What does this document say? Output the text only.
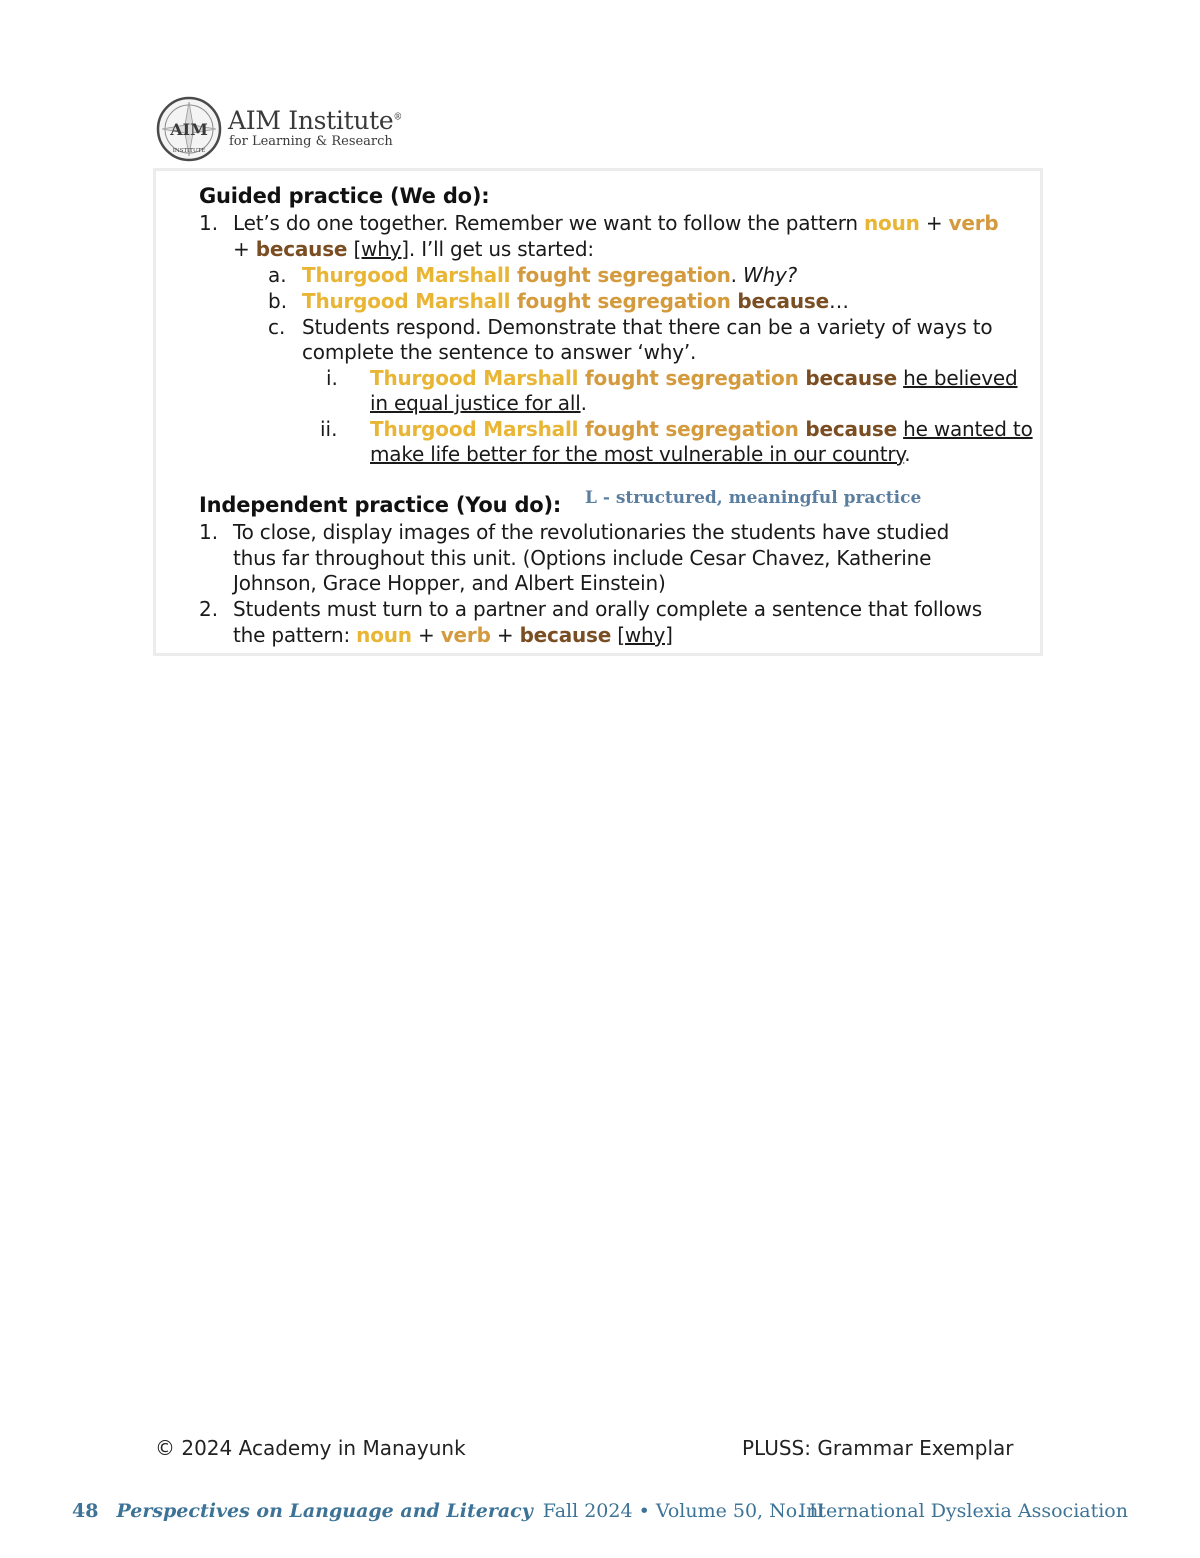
AIM
INSTITUTE
AIM Institute®
for Learning & Research
Guided practice (We do):
1. Let’s do one together. Remember we want to follow the pattern noun + verb
+ because [why]. I’ll get us started:
a. Thurgood Marshall fought segregation. Why?
b. Thurgood Marshall fought segregation because…
c. Students respond. Demonstrate that there can be a variety of ways to
complete the sentence to answer ‘why’.
i. Thurgood Marshall fought segregation because he believed
in equal justice for all.
ii. Thurgood Marshall fought segregation because he wanted to
make life better for the most vulnerable in our country.
Independent practice (You do): L - structured, meaningful practice
1. To close, display images of the revolutionaries the students have studied
thus far throughout this unit. (Options include Cesar Chavez, Katherine
Johnson, Grace Hopper, and Albert Einstein)
2. Students must turn to a partner and orally complete a sentence that follows
the pattern: noun + verb + because [why]
© 2024 Academy in Manayunk	PLUSS: Grammar Exemplar
48 Perspectives on Language and Literacy Fall 2024 • Volume 50, No. II
International Dyslexia Association
